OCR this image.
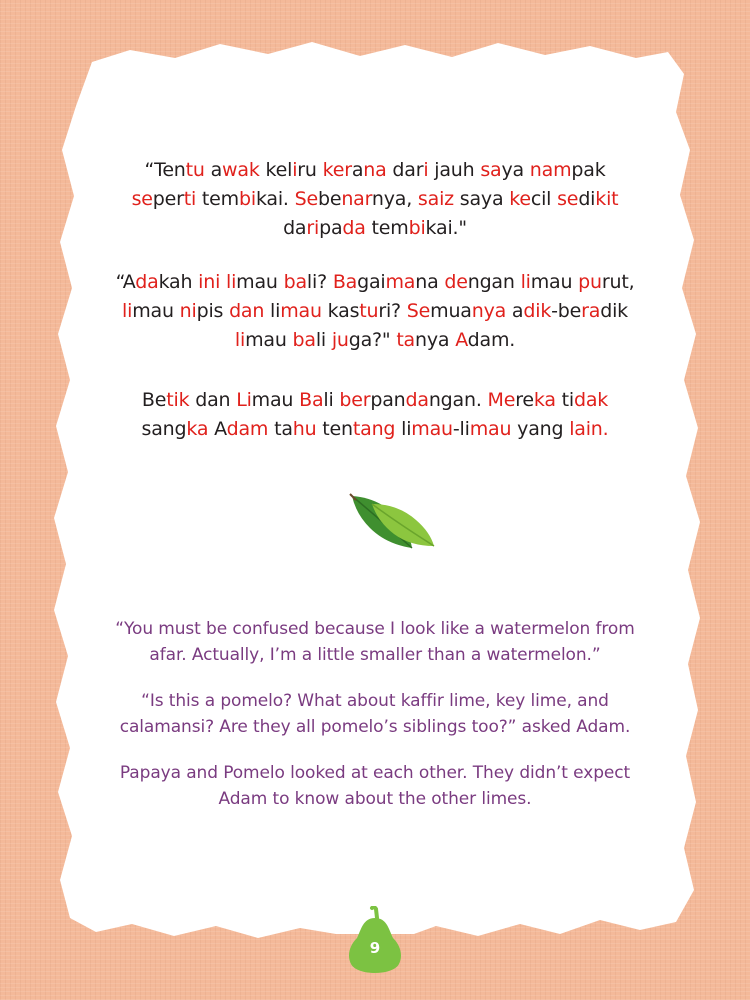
“Tentu awak keliru kerana dari jauh saya nampak
seperti tembikai. Sebenarnya, saiz saya kecil sedikit
daripada tembikai."
“Adakah ini limau bali? Bagaimana dengan limau purut,
limau nipis dan limau kasturi? Semuanya adik-beradik
limau bali juga?" tanya Adam.
Betik dan Limau Bali berpandangan. Mereka tidak
sangka Adam tahu tentang limau-limau yang lain.
“You must be confused because I look like a watermelon from
afar. Actually, I’m a little smaller than a watermelon.”
“Is this a pomelo? What about kaffir lime, key lime, and
calamansi? Are they all pomelo’s siblings too?” asked Adam.
Papaya and Pomelo looked at each other. They didn’t expect
Adam to know about the other limes.
9
